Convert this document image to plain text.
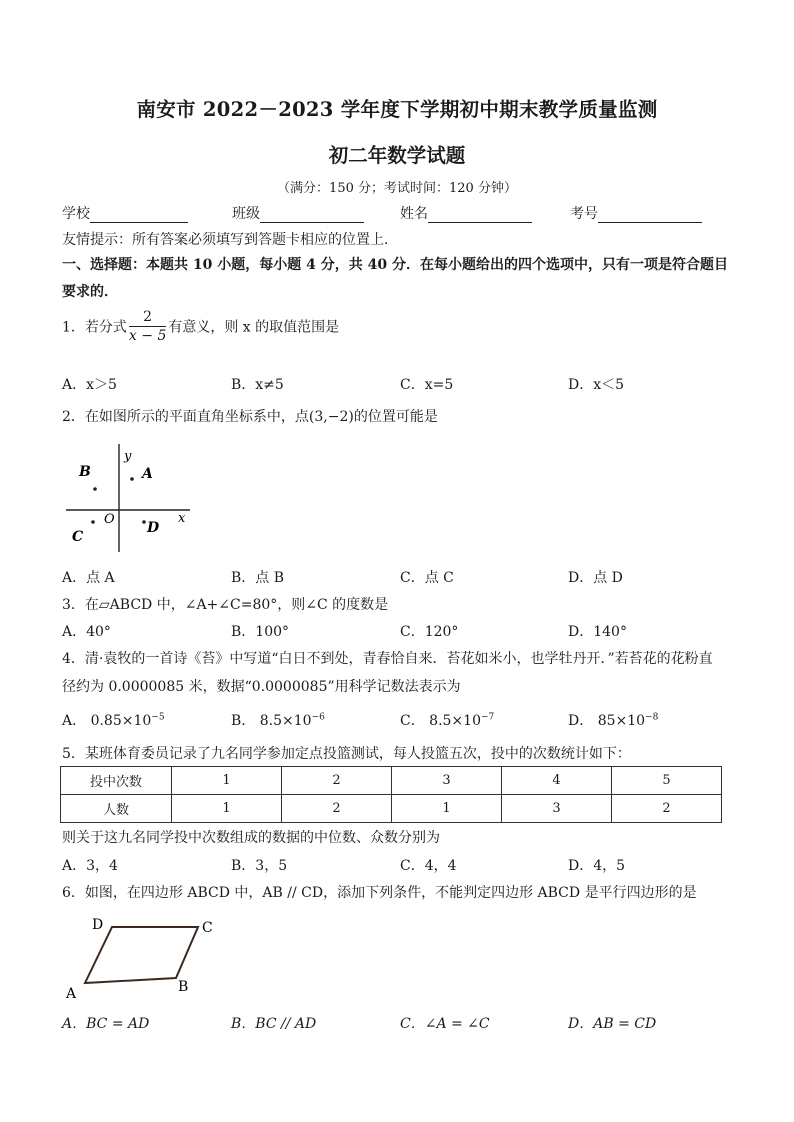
南安市 2022－2023 学年度下学期初中期末教学质量监测
初二年数学试题
（满分：150 分；考试时间：120 分钟）
学校	班级	姓名	考号
友情提示：所有答案必须填写到答题卡相应的位置上．
一、选择题：本题共 10 小题，每小题 4 分，共 40 分．在每小题给出的四个选项中，只有一项是符合题目要求的．
1．若分式 $\frac{2}{x - 5}$ 有意义，则 x 的取值范围是
A．x＞5	B．x≠5	C．x=5	D．x＜5
2．在如图所示的平面直角坐标系中，点(3,−2)的位置可能是
y
x
O
A
B
C
D
A．点 A	B．点 B	C．点 C	D．点 D
3．在▱ABCD 中，∠A+∠C=80°，则∠C 的度数是
A．40°	B．100°	C．120°	D．140°
4．清·袁牧的一首诗《苔》中写道“白日不到处，青春恰自来．苔花如米小，也学牡丹开．”若苔花的花粉直
径约为 0.0000085 米，数据“0.0000085”用科学记数法表示为
A． $0.85\times 10^{-5}$	B． $8.5\times 10^{-6}$	C． $8.5\times 10^{-7}$	D． $85\times 10^{-8}$
5．某班体育委员记录了九名同学参加定点投篮测试，每人投篮五次，投中的次数统计如下：
投中次数	1	2	3	4	5
人数	1	2	1	3	2
则关于这九名同学投中次数组成的数据的中位数、众数分别为
A．3，4	B．3，5	C．4，4	D．4，5
6．如图，在四边形 ABCD 中，AB // CD，添加下列条件，不能判定四边形 ABCD 是平行四边形的是
D	C
B
A
A．BC = AD	B．BC // AD	C．∠A = ∠C	D．AB = CD
